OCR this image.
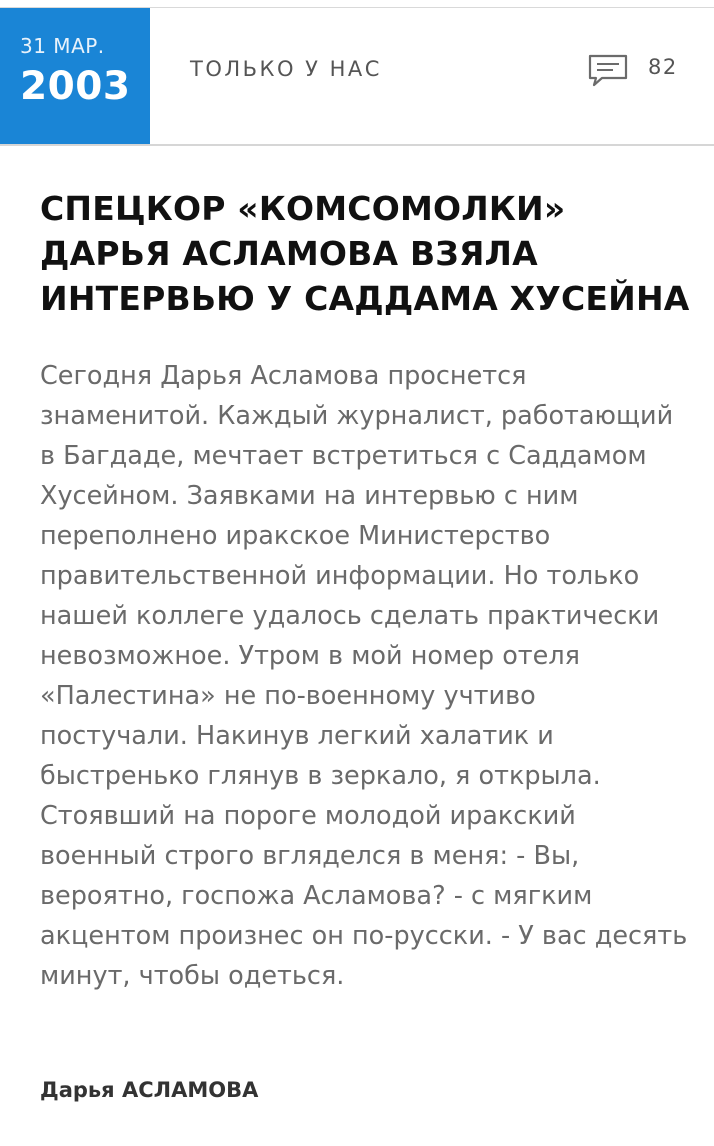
31 МАР.
2003	ТОЛЬКО У НАС	82
СПЕЦКОР «КОМСОМОЛКИ» ДАРЬЯ АСЛАМОВА ВЗЯЛА ИНТЕРВЬЮ У САДДАМА ХУСЕЙНА

Сегодня Дарья Асламова проснется знаменитой. Каждый журналист, работающий в Багдаде, мечтает встретиться с Саддамом Хусейном. Заявками на интервью с ним переполнено иракское Министерство правительственной информации. Но только нашей коллеге удалось сделать практически невозможное. Утром в мой номер отеля «Палестина» не по-военному учтиво постучали. Накинув легкий халатик и быстренько глянув в зеркало, я открыла. Стоявший на пороге молодой иракский военный строго вгляделся в меня: - Вы, вероятно, госпожа Асламова? - с мягким акцентом произнес он по-русски. - У вас десять минут, чтобы одеться.

Дарья АСЛАМОВА
